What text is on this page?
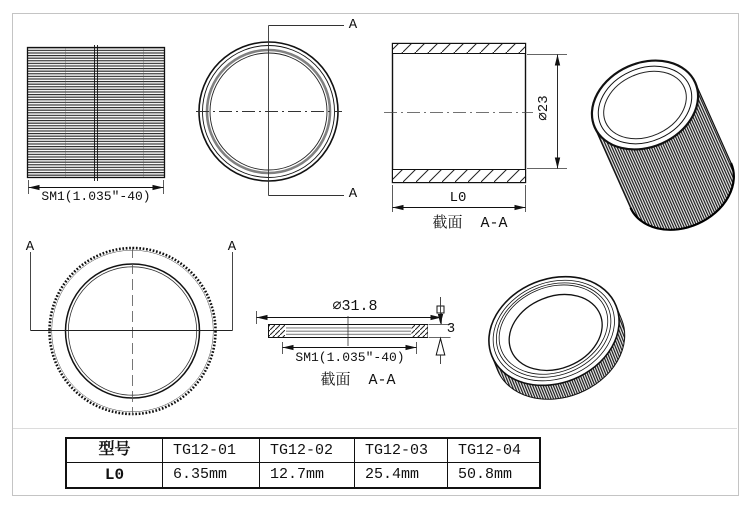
SM1(1.035"-40)
A
A
∅23
L0
截面  A-A
A	A
∅31.8
3
SM1(1.035"-40)
截面  A-A
型号	TG12-01	TG12-02	TG12-03	TG12-04
L0	6.35mm	12.7mm	25.4mm	50.8mm
